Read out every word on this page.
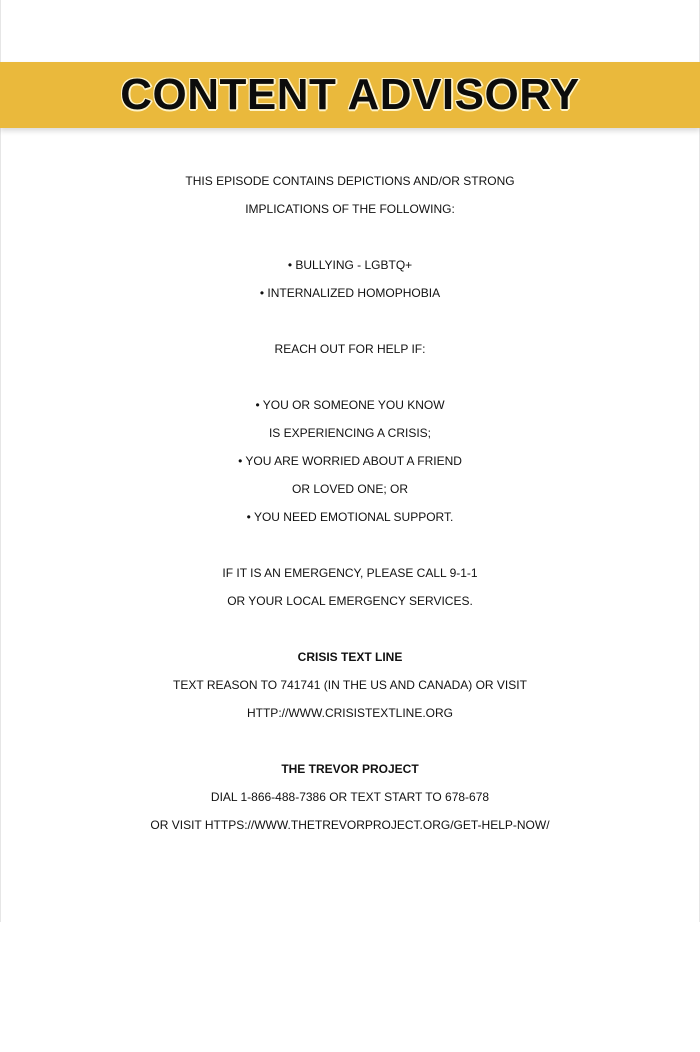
CONTENT ADVISORY
THIS EPISODE CONTAINS DEPICTIONS AND/OR STRONG
IMPLICATIONS OF THE FOLLOWING:
• BULLYING - LGBTQ+
• INTERNALIZED HOMOPHOBIA
REACH OUT FOR HELP IF:
• YOU OR SOMEONE YOU KNOW
IS EXPERIENCING A CRISIS;
• YOU ARE WORRIED ABOUT A FRIEND
OR LOVED ONE; OR
• YOU NEED EMOTIONAL SUPPORT.
IF IT IS AN EMERGENCY, PLEASE CALL 9-1-1
OR YOUR LOCAL EMERGENCY SERVICES.
CRISIS TEXT LINE
TEXT REASON TO 741741 (IN THE US AND CANADA) OR VISIT
HTTP://WWW.CRISISTEXTLINE.ORG
THE TREVOR PROJECT
DIAL 1-866-488-7386 OR TEXT START TO 678-678
OR VISIT HTTPS://WWW.THETREVORPROJECT.ORG/GET-HELP-NOW/
